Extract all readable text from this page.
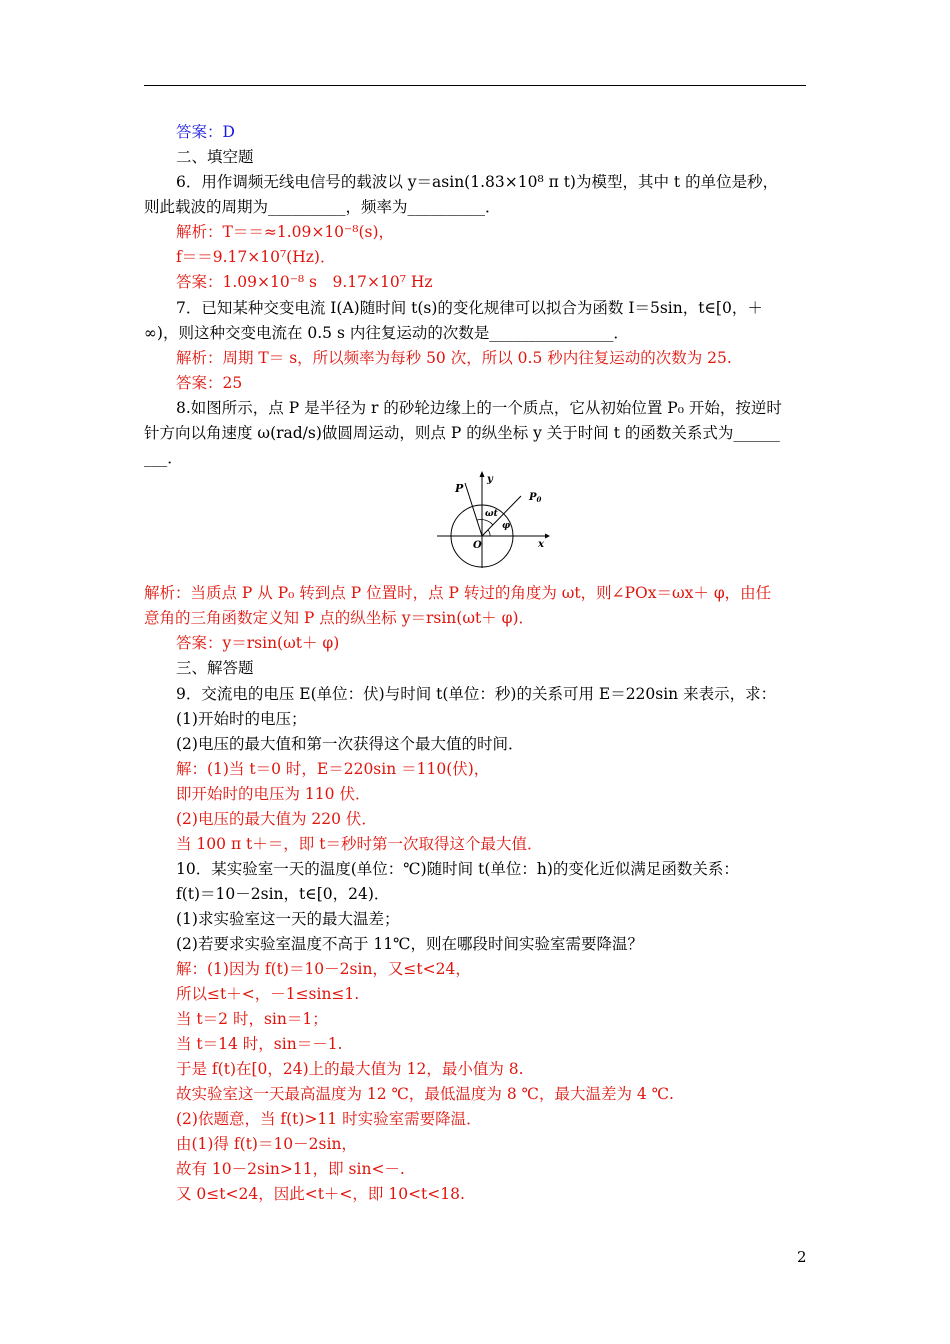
答案：D
二、填空题
6．用作调频无线电信号的载波以 y＝asin(1.83×10⁸ π t)为模型，其中 t 的单位是秒，
则此载波的周期为__________，频率为__________．
解析：T＝＝≈1.09×10⁻⁸(s)，
f＝＝9.17×10⁷(Hz)．
答案：1.09×10⁻⁸ s　9.17×10⁷ Hz
7．已知某种交变电流 I(A)随时间 t(s)的变化规律可以拟合为函数 I＝5sin，t∈[0，＋
∞)，则这种交变电流在 0.5 s 内往复运动的次数是________________．
解析：周期 T＝ s，所以频率为每秒 50 次，所以 0.5 秒内往复运动的次数为 25.
答案：25
8.如图所示，点 P 是半径为 r 的砂轮边缘上的一个质点，它从初始位置 P₀ 开始，按逆时
针方向以角速度 ω(rad/s)做圆周运动，则点 P 的纵坐标 y 关于时间 t 的函数关系式为______
___．
y
x
O
P
$P_0$
ωt
φ
解析：当质点 P 从 P₀ 转到点 P 位置时，点 P 转过的角度为 ωt，则∠POx＝ωx＋ φ，由任
意角的三角函数定义知 P 点的纵坐标 y＝rsin(ωt＋ φ)．
答案：y＝rsin(ωt＋ φ)
三、解答题
9．交流电的电压 E(单位：伏)与时间 t(单位：秒)的关系可用 E＝220sin 来表示，求：
(1)开始时的电压；
(2)电压的最大值和第一次获得这个最大值的时间．
解：(1)当 t＝0 时，E＝220sin ＝110(伏)，
即开始时的电压为 110 伏．
(2)电压的最大值为 220 伏．
当 100 π t＋＝，即 t＝秒时第一次取得这个最大值．
10．某实验室一天的温度(单位：℃)随时间 t(单位：h)的变化近似满足函数关系：
f(t)＝10－2sin，t∈[0，24)．
(1)求实验室这一天的最大温差；
(2)若要求实验室温度不高于 11℃，则在哪段时间实验室需要降温？
解：(1)因为 f(t)＝10－2sin，又≤t<24，
所以≤t＋<，－1≤sin≤1.
当 t＝2 时，sin＝1；
当 t＝14 时，sin＝－1.
于是 f(t)在[0，24)上的最大值为 12，最小值为 8.
故实验室这一天最高温度为 12 ℃，最低温度为 8 ℃，最大温差为 4 ℃.
(2)依题意，当 f(t)>11 时实验室需要降温．
由(1)得 f(t)＝10－2sin，
故有 10－2sin>11，即 sin<－.
又 0≤t<24，因此<t＋<，即 10<t<18.
2
